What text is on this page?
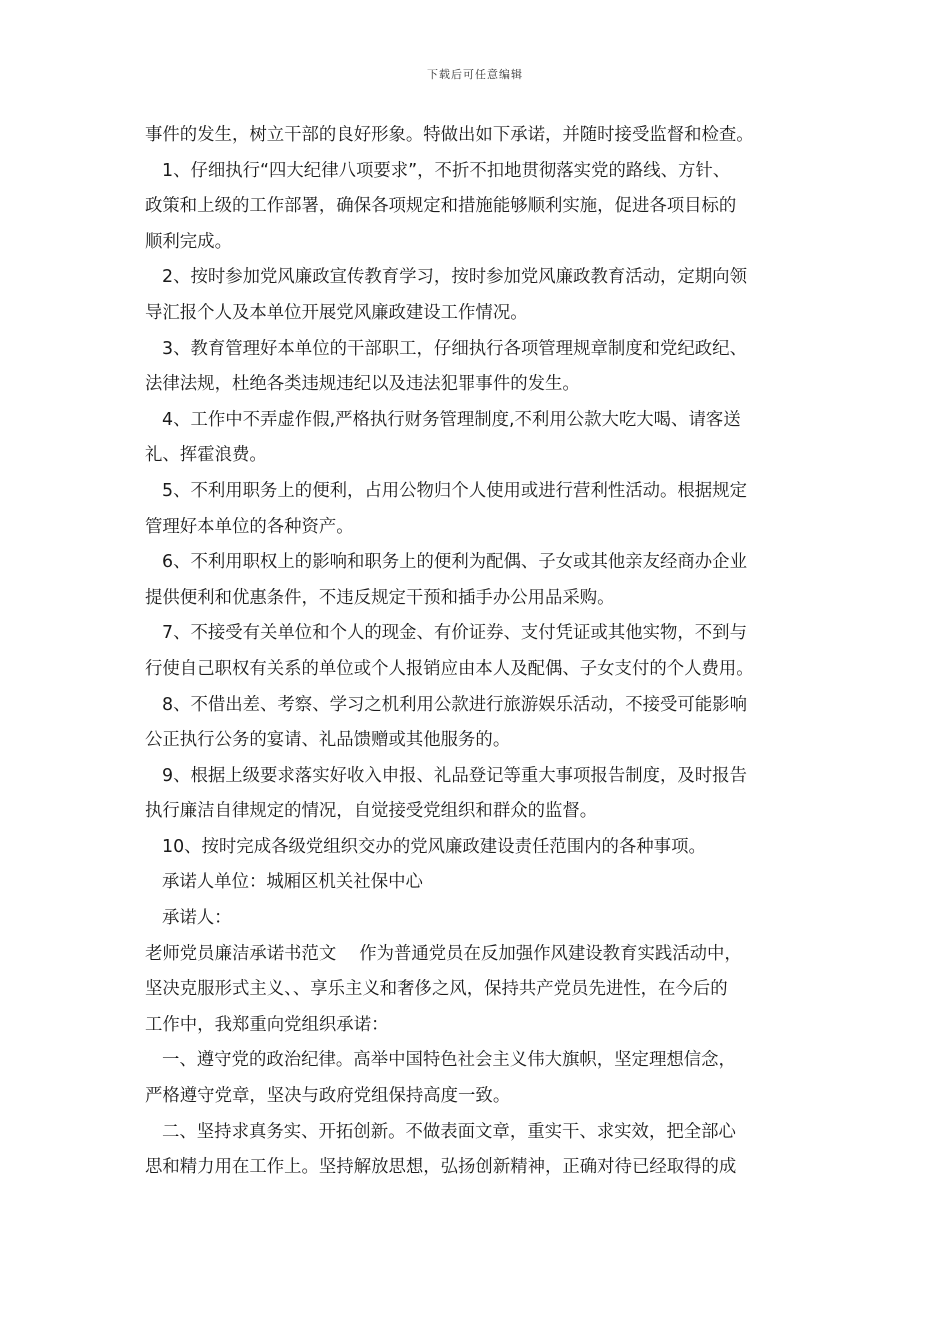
下载后可任意编辑
事件的发生，树立干部的良好形象。特做出如下承诺，并随时接受监督和检查。
1、仔细执行“四大纪律八项要求”，不折不扣地贯彻落实党的路线、方针、
政策和上级的工作部署，确保各项规定和措施能够顺利实施，促进各项目标的
顺利完成。
2、按时参加党风廉政宣传教育学习，按时参加党风廉政教育活动，定期向领
导汇报个人及本单位开展党风廉政建设工作情况。
3、教育管理好本单位的干部职工，仔细执行各项管理规章制度和党纪政纪、
法律法规，杜绝各类违规违纪以及违法犯罪事件的发生。
4、工作中不弄虚作假,严格执行财务管理制度,不利用公款大吃大喝、请客送
礼、挥霍浪费。
5、不利用职务上的便利，占用公物归个人使用或进行营利性活动。根据规定
管理好本单位的各种资产。
6、不利用职权上的影响和职务上的便利为配偶、子女或其他亲友经商办企业
提供便利和优惠条件，不违反规定干预和插手办公用品采购。
7、不接受有关单位和个人的现金、有价证券、支付凭证或其他实物，不到与
行使自己职权有关系的单位或个人报销应由本人及配偶、子女支付的个人费用。
8、不借出差、考察、学习之机利用公款进行旅游娱乐活动，不接受可能影响
公正执行公务的宴请、礼品馈赠或其他服务的。
9、根据上级要求落实好收入申报、礼品登记等重大事项报告制度，及时报告
执行廉洁自律规定的情况，自觉接受党组织和群众的监督。
10、按时完成各级党组织交办的党风廉政建设责任范围内的各种事项。
承诺人单位：城厢区机关社保中心
承诺人：
老师党员廉洁承诺书范文　 作为普通党员在反加强作风建设教育实践活动中，
坚决克服形式主义、、享乐主义和奢侈之风，保持共产党员先进性，在今后的
工作中，我郑重向党组织承诺：
一、遵守党的政治纪律。高举中国特色社会主义伟大旗帜，坚定理想信念，
严格遵守党章，坚决与政府党组保持高度一致。
二、坚持求真务实、开拓创新。不做表面文章，重实干、求实效，把全部心
思和精力用在工作上。坚持解放思想，弘扬创新精神，正确对待已经取得的成
